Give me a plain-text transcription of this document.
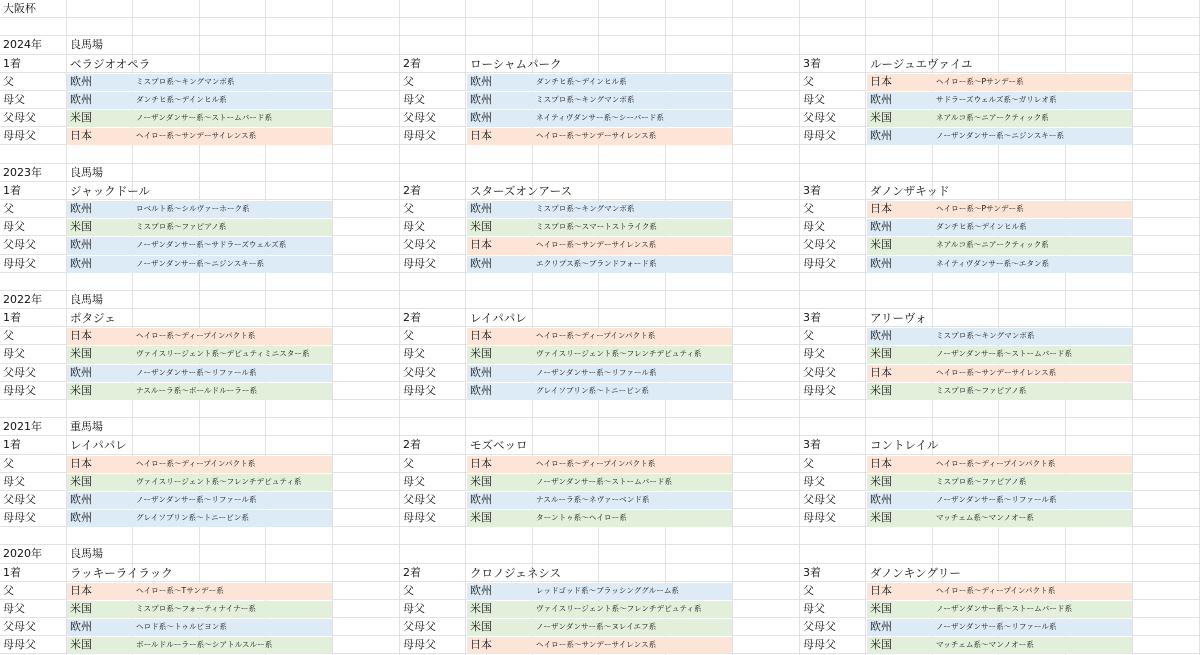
大阪杯
2024年	良馬場
1着	ベラジオオペラ
父	欧州	ミスプロ系〜キングマンボ系
母父	欧州	ダンチヒ系〜デインヒル系
父母父	米国	ノーザンダンサー系〜ストームバード系
母母父	日本	ヘイロー系〜サンデーサイレンス系
2着	ローシャムパーク
父	欧州	ダンチヒ系〜デインヒル系
母父	欧州	ミスプロ系〜キングマンボ系
父母父	欧州	ネイティヴダンサー系〜シーバード系
母母父	日本	ヘイロー系〜サンデーサイレンス系
3着	ルージュエヴァイユ
父	日本	ヘイロー系〜Pサンデー系
母父	欧州	サドラーズウェルズ系〜ガリレオ系
父母父	米国	ネアルコ系〜ニアークティック系
母母父	欧州	ノーザンダンサー系〜ニジンスキー系
2023年	良馬場
1着	ジャックドール
父	欧州	ロベルト系〜シルヴァーホーク系
母父	米国	ミスプロ系〜ファピアノ系
父母父	欧州	ノーザンダンサー系〜サドラーズウェルズ系
母母父	欧州	ノーザンダンサー系〜ニジンスキー系
2着	スターズオンアース
父	欧州	ミスプロ系〜キングマンボ系
母父	米国	ミスプロ系〜スマートストライク系
父母父	日本	ヘイロー系〜サンデーサイレンス系
母母父	欧州	エクリプス系〜ブランドフォード系
3着	ダノンザキッド
父	日本	ヘイロー系〜Pサンデー系
母父	欧州	ダンチヒ系〜デインヒル系
父母父	米国	ネアルコ系〜ニアークティック系
母母父	欧州	ネイティヴダンサー系〜エタン系
2022年	良馬場
1着	ポタジェ
父	日本	ヘイロー系〜ディープインパクト系
母父	米国	ヴァイスリージェント系〜デピュティミニスター系
父母父	欧州	ノーザンダンサー系〜リファール系
母母父	米国	ナスルーラ系〜ボールドルーラー系
2着	レイパパレ
父	日本	ヘイロー系〜ディープインパクト系
母父	米国	ヴァイスリージェント系〜フレンチデピュティ系
父母父	欧州	ノーザンダンサー系〜リファール系
母母父	欧州	グレイソブリン系〜トニービン系
3着	アリーヴォ
父	欧州	ミスプロ系〜キングマンボ系
母父	米国	ノーザンダンサー系〜ストームバード系
父母父	日本	ヘイロー系〜サンデーサイレンス系
母母父	米国	ミスプロ系〜ファピアノ系
2021年	重馬場
1着	レイパパレ
父	日本	ヘイロー系〜ディープインパクト系
母父	米国	ヴァイスリージェント系〜フレンチデピュティ系
父母父	欧州	ノーザンダンサー系〜リファール系
母母父	欧州	グレイソブリン系〜トニービン系
2着	モズベッロ
父	日本	ヘイロー系〜ディープインパクト系
母父	米国	ノーザンダンサー系〜ストームバード系
父母父	欧州	ナスルーラ系〜ネヴァーベンド系
母母父	米国	ターントゥ系〜ヘイロー系
3着	コントレイル
父	日本	ヘイロー系〜ディープインパクト系
母父	米国	ミスプロ系〜ファピアノ系
父母父	欧州	ノーザンダンサー系〜リファール系
母母父	米国	マッチェム系〜マンノオー系
2020年	良馬場
1着	ラッキーライラック
父	日本	ヘイロー系〜Tサンデー系
母父	米国	ミスプロ系〜フォーティナイナー系
父母父	欧州	ヘロド系〜トゥルビヨン系
母母父	米国	ボールドルーラー系〜シアトルスルー系
2着	クロノジェネシス
父	欧州	レッドゴッド系〜ブラッシンググルーム系
母父	米国	ヴァイスリージェント系〜フレンチデピュティ系
父母父	米国	ノーザンダンサー系〜ヌレイエフ系
母母父	日本	ヘイロー系〜サンデーサイレンス系
3着	ダノンキングリー
父	日本	ヘイロー系〜ディープインパクト系
母父	米国	ノーザンダンサー系〜ストームバード系
父母父	欧州	ノーザンダンサー系〜リファール系
母母父	米国	マッチェム系〜マンノオー系
